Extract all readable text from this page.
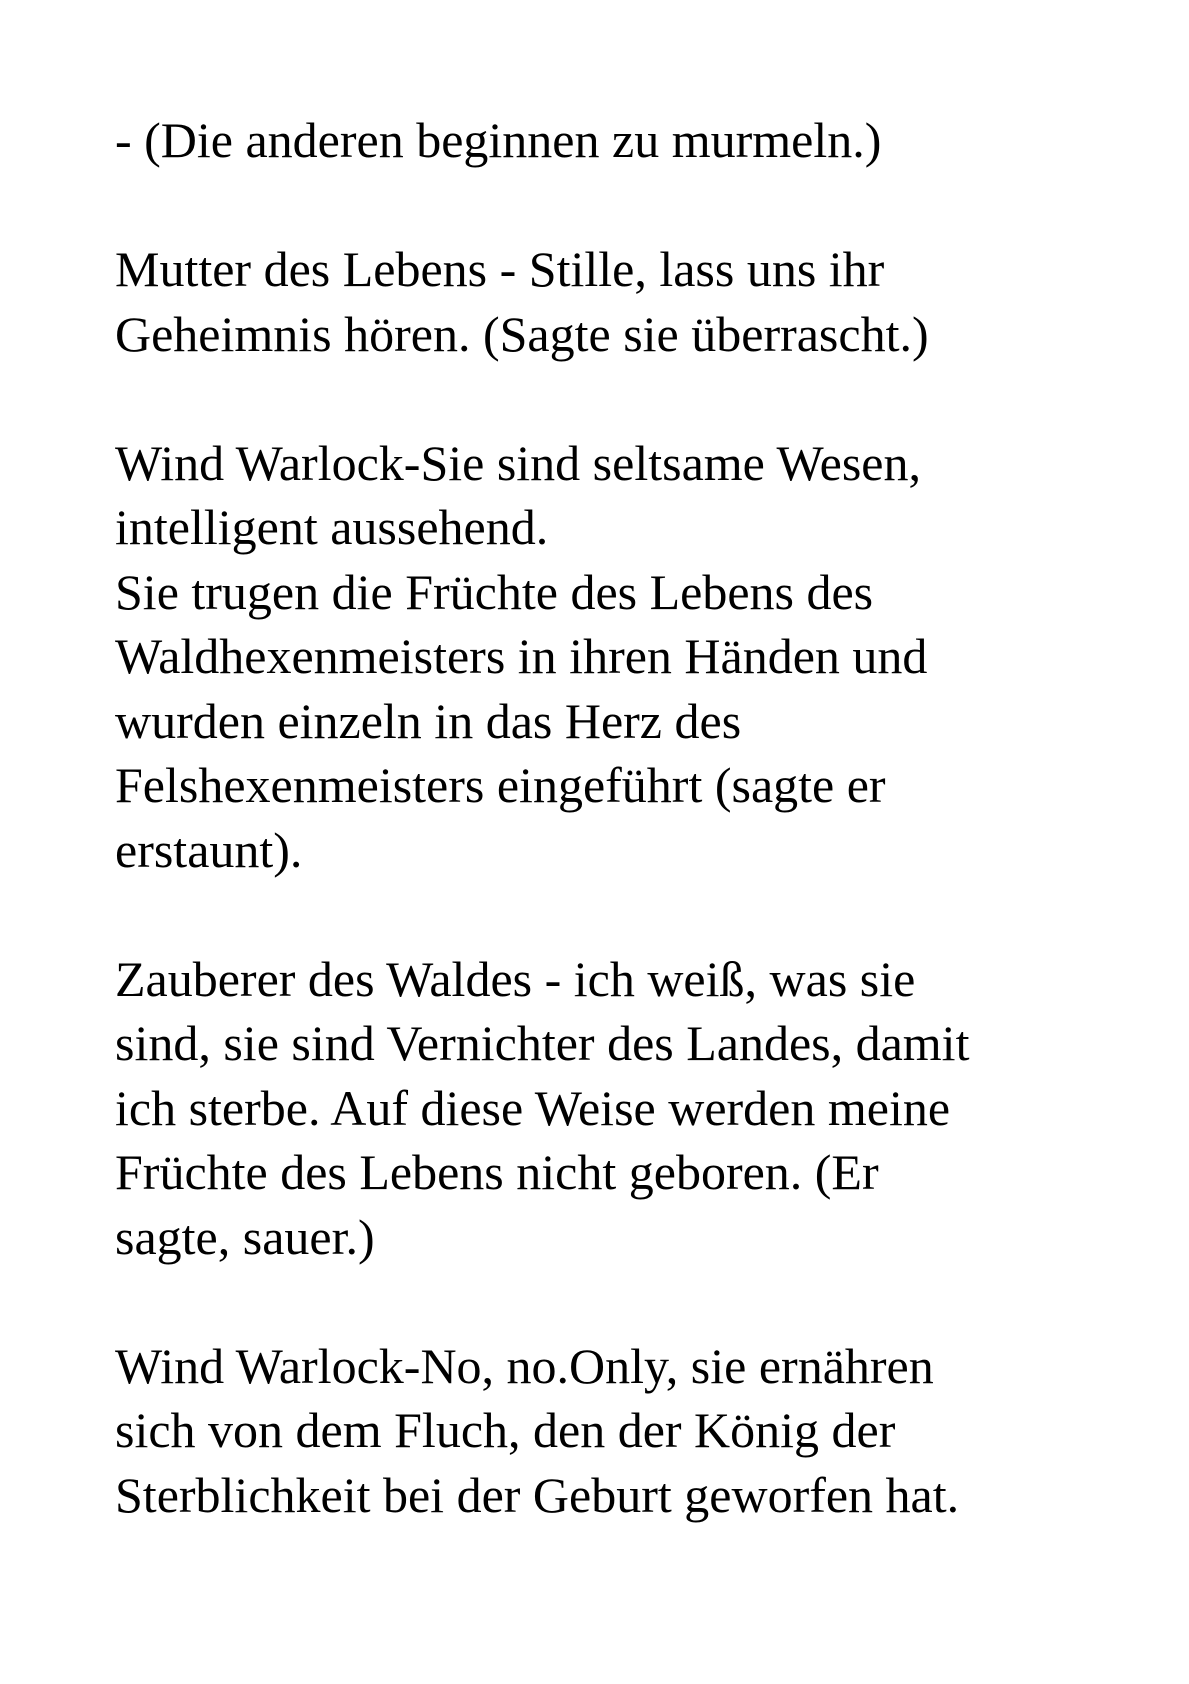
- (Die anderen beginnen zu murmeln.)

Mutter des Lebens - Stille, lass uns ihr
Geheimnis hören. (Sagte sie überrascht.)

Wind Warlock-Sie sind seltsame Wesen,
intelligent aussehend.
Sie trugen die Früchte des Lebens des
Waldhexenmeisters in ihren Händen und
wurden einzeln in das Herz des
Felshexenmeisters eingeführt (sagte er
erstaunt).

Zauberer des Waldes - ich weiß, was sie
sind, sie sind Vernichter des Landes, damit
ich sterbe. Auf diese Weise werden meine
Früchte des Lebens nicht geboren. (Er
sagte, sauer.)

Wind Warlock-No, no.Only, sie ernähren
sich von dem Fluch, den der König der
Sterblichkeit bei der Geburt geworfen hat.
